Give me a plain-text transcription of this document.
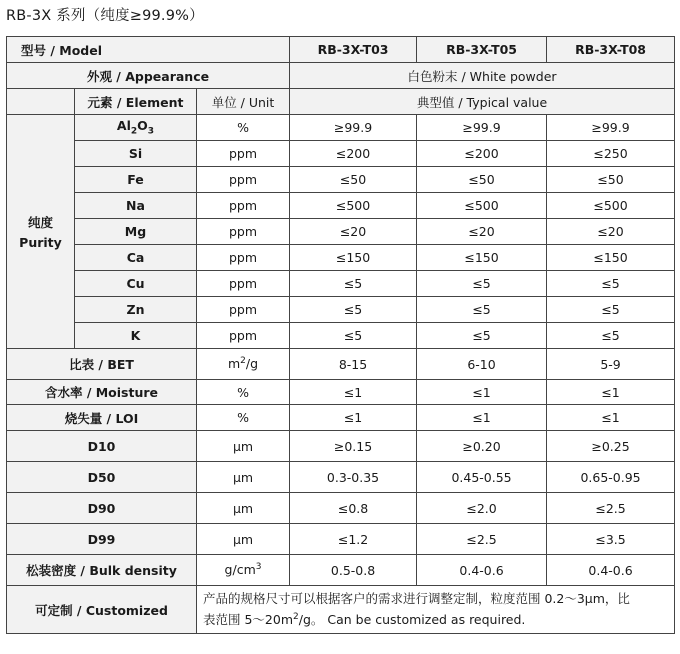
RB-3X 系列（纯度≥99.9%）
型号 / Model			RB-3X-T03	RB-3X-T05	RB-3X-T08
外观 / Appearance			白色粉末 / White powder		
	元素 / Element	单位 / Unit	典型值 / Typical value		

纯度
Purity	$Al_2O_3$	%	≥99.9	≥99.9	≥99.9
	Si	ppm	≤200	≤200	≤250
	Fe	ppm	≤50	≤50	≤50
	Na	ppm	≤500	≤500	≤500
	Mg	ppm	≤20	≤20	≤20
	Ca	ppm	≤150	≤150	≤150
	Cu	ppm	≤5	≤5	≤5
	Zn	ppm	≤5	≤5	≤5
	K	ppm	≤5	≤5	≤5
比表 / BET		$m^2/g$	8-15	6-10	5-9
含水率 / Moisture		%	≤1	≤1	≤1
烧失量 / LOI		%	≤1	≤1	≤1
D10		μm	≥0.15	≥0.20	≥0.25
D50		μm	0.3-0.35	0.45-0.55	0.65-0.95
D90		μm	≤0.8	≤2.0	≤2.5
D99		μm	≤1.2	≤2.5	≤3.5
松装密度 / Bulk density		$g/cm^3$	0.5-0.8	0.4-0.6	0.4-0.6
可定制 / Customized		产品的规格尺寸可以根据客户的需求进行调整定制，粒度范围 0.2～3μm，比
表范围 $5\sim 20m^2/g$。 Can be customized as required.			
